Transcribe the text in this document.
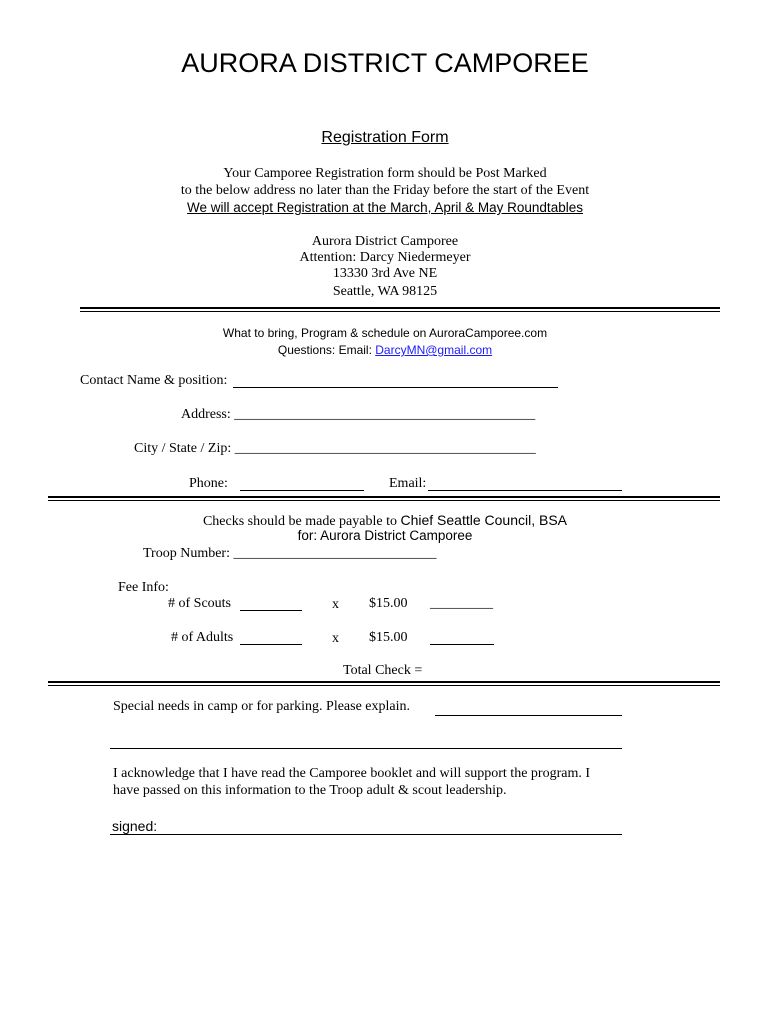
AURORA DISTRICT CAMPOREE
Registration Form
Your Camporee Registration form should be Post Marked
to the below address no later than the Friday before the start of the Event
We will accept Registration at the March, April & May Roundtables
Aurora District Camporee
Attention: Darcy Niedermeyer
13330 3rd Ave NE
Seattle, WA 98125
What to bring, Program & schedule on AuroraCamporee.com
Questions: Email: DarcyMN@gmail.com
Contact Name & position:
Address: ___________________________________________
City / State / Zip: ___________________________________________
Phone:	Email:
Checks should be made payable to Chief Seattle Council, BSA
for: Aurora District Camporee
Troop Number: _____________________________
Fee Info:
# of Scouts	x $15.00 _________
# of Adults	x $15.00
Total Check =
Special needs in camp or for parking. Please explain.
I acknowledge that I have read the Camporee booklet and will support the program. I
have passed on this information to the Troop adult & scout leadership.
signed:
